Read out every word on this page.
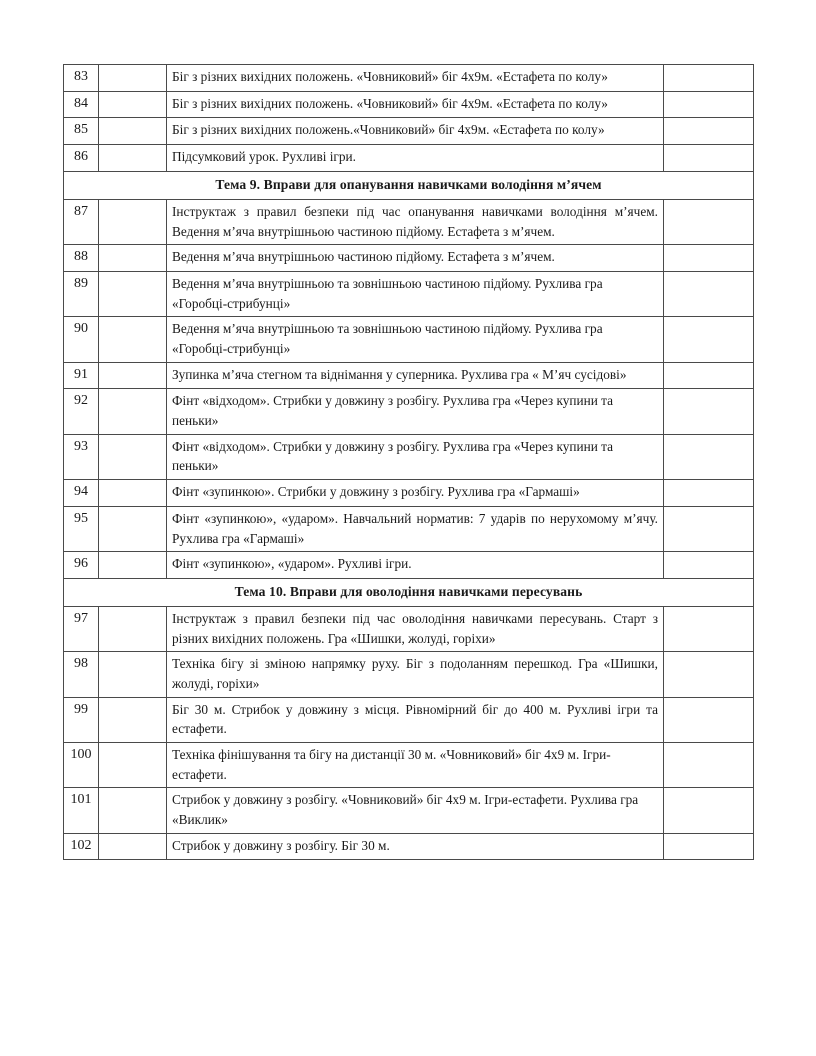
83		Біг з різних вихідних положень. «Човниковий» біг 4х9м. «Естафета по колу»	
84		Біг з різних вихідних положень. «Човниковий» біг 4х9м. «Естафета по колу»	
85		Біг з різних вихідних положень.«Човниковий» біг 4х9м. «Естафета по колу»	
86		Підсумковий урок. Рухливі ігри.	
Тема 9. Вправи для опанування навичками володіння м’ячем			
87		Інструктаж з правил безпеки під час опанування навичками володіння м’ячем. Ведення м’яча внутрішньою частиною підйому. Естафета з м’ячем.	
88		Ведення м’яча внутрішньою частиною підйому. Естафета з м’ячем.	
89		Ведення м’яча внутрішньою та зовнішньою частиною підйому. Рухлива гра «Горобці-стрибунці»	
90		Ведення м’яча внутрішньою та зовнішньою частиною підйому. Рухлива гра «Горобці-стрибунці»	
91		Зупинка м’яча стегном та віднімання у суперника. Рухлива гра « М’яч сусідові»	
92		Фінт «відходом». Стрибки у довжину з розбігу. Рухлива гра «Через купини та пеньки»	
93		Фінт «відходом». Стрибки у довжину з розбігу. Рухлива гра «Через купини та пеньки»	
94		Фінт «зупинкою». Стрибки у довжину з розбігу. Рухлива гра «Гармаші»	
95		Фінт «зупинкою», «ударом». Навчальний норматив: 7 ударів по нерухомому м’ячу. Рухлива гра «Гармаші»	
96		Фінт «зупинкою», «ударом». Рухливі ігри.	
Тема 10. Вправи для оволодіння навичками пересувань			
97		Інструктаж з правил безпеки під час оволодіння навичками пересувань. Старт з різних вихідних положень. Гра «Шишки, жолуді, горіхи»	
98		Техніка бігу зі зміною напрямку руху. Біг з подоланням перешкод. Гра «Шишки, жолуді, горіхи»	
99		Біг 30 м. Стрибок у довжину з місця. Рівномірний біг до 400 м. Рухливі ігри та естафети.	
100		Техніка фінішування та бігу на дистанції 30 м. «Човниковий» біг 4х9 м. Ігри-естафети.	
101		Стрибок у довжину з розбігу. «Човниковий» біг 4х9 м. Ігри-естафети. Рухлива гра «Виклик»	
102		Стрибок у довжину з розбігу. Біг 30 м.	
